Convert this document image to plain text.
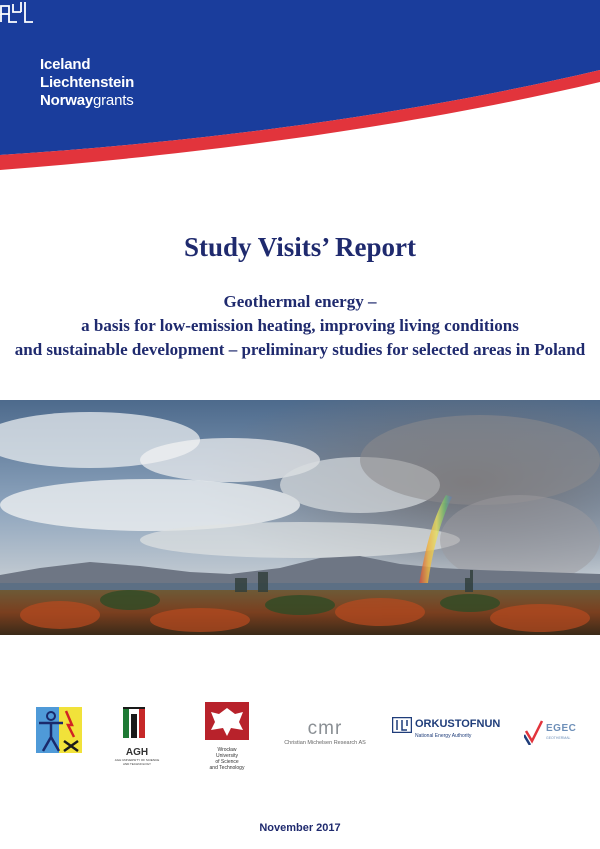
Iceland
Liechtenstein
Norwaygrants
Study Visits’ Report
Geothermal energy –
a basis for low-emission heating, improving living conditions
and sustainable development – preliminary studies for selected areas in Poland
AGH
AGH UNIVERSITY OF SCIENCE
AND TECHNOLOGY
Wrocław
University
of Science
and Technology
cmr
Christian Michelsen Research AS
ORKUSTOFNUN
National Energy Authority
EGEC
GEOTHERMAL
November 2017
